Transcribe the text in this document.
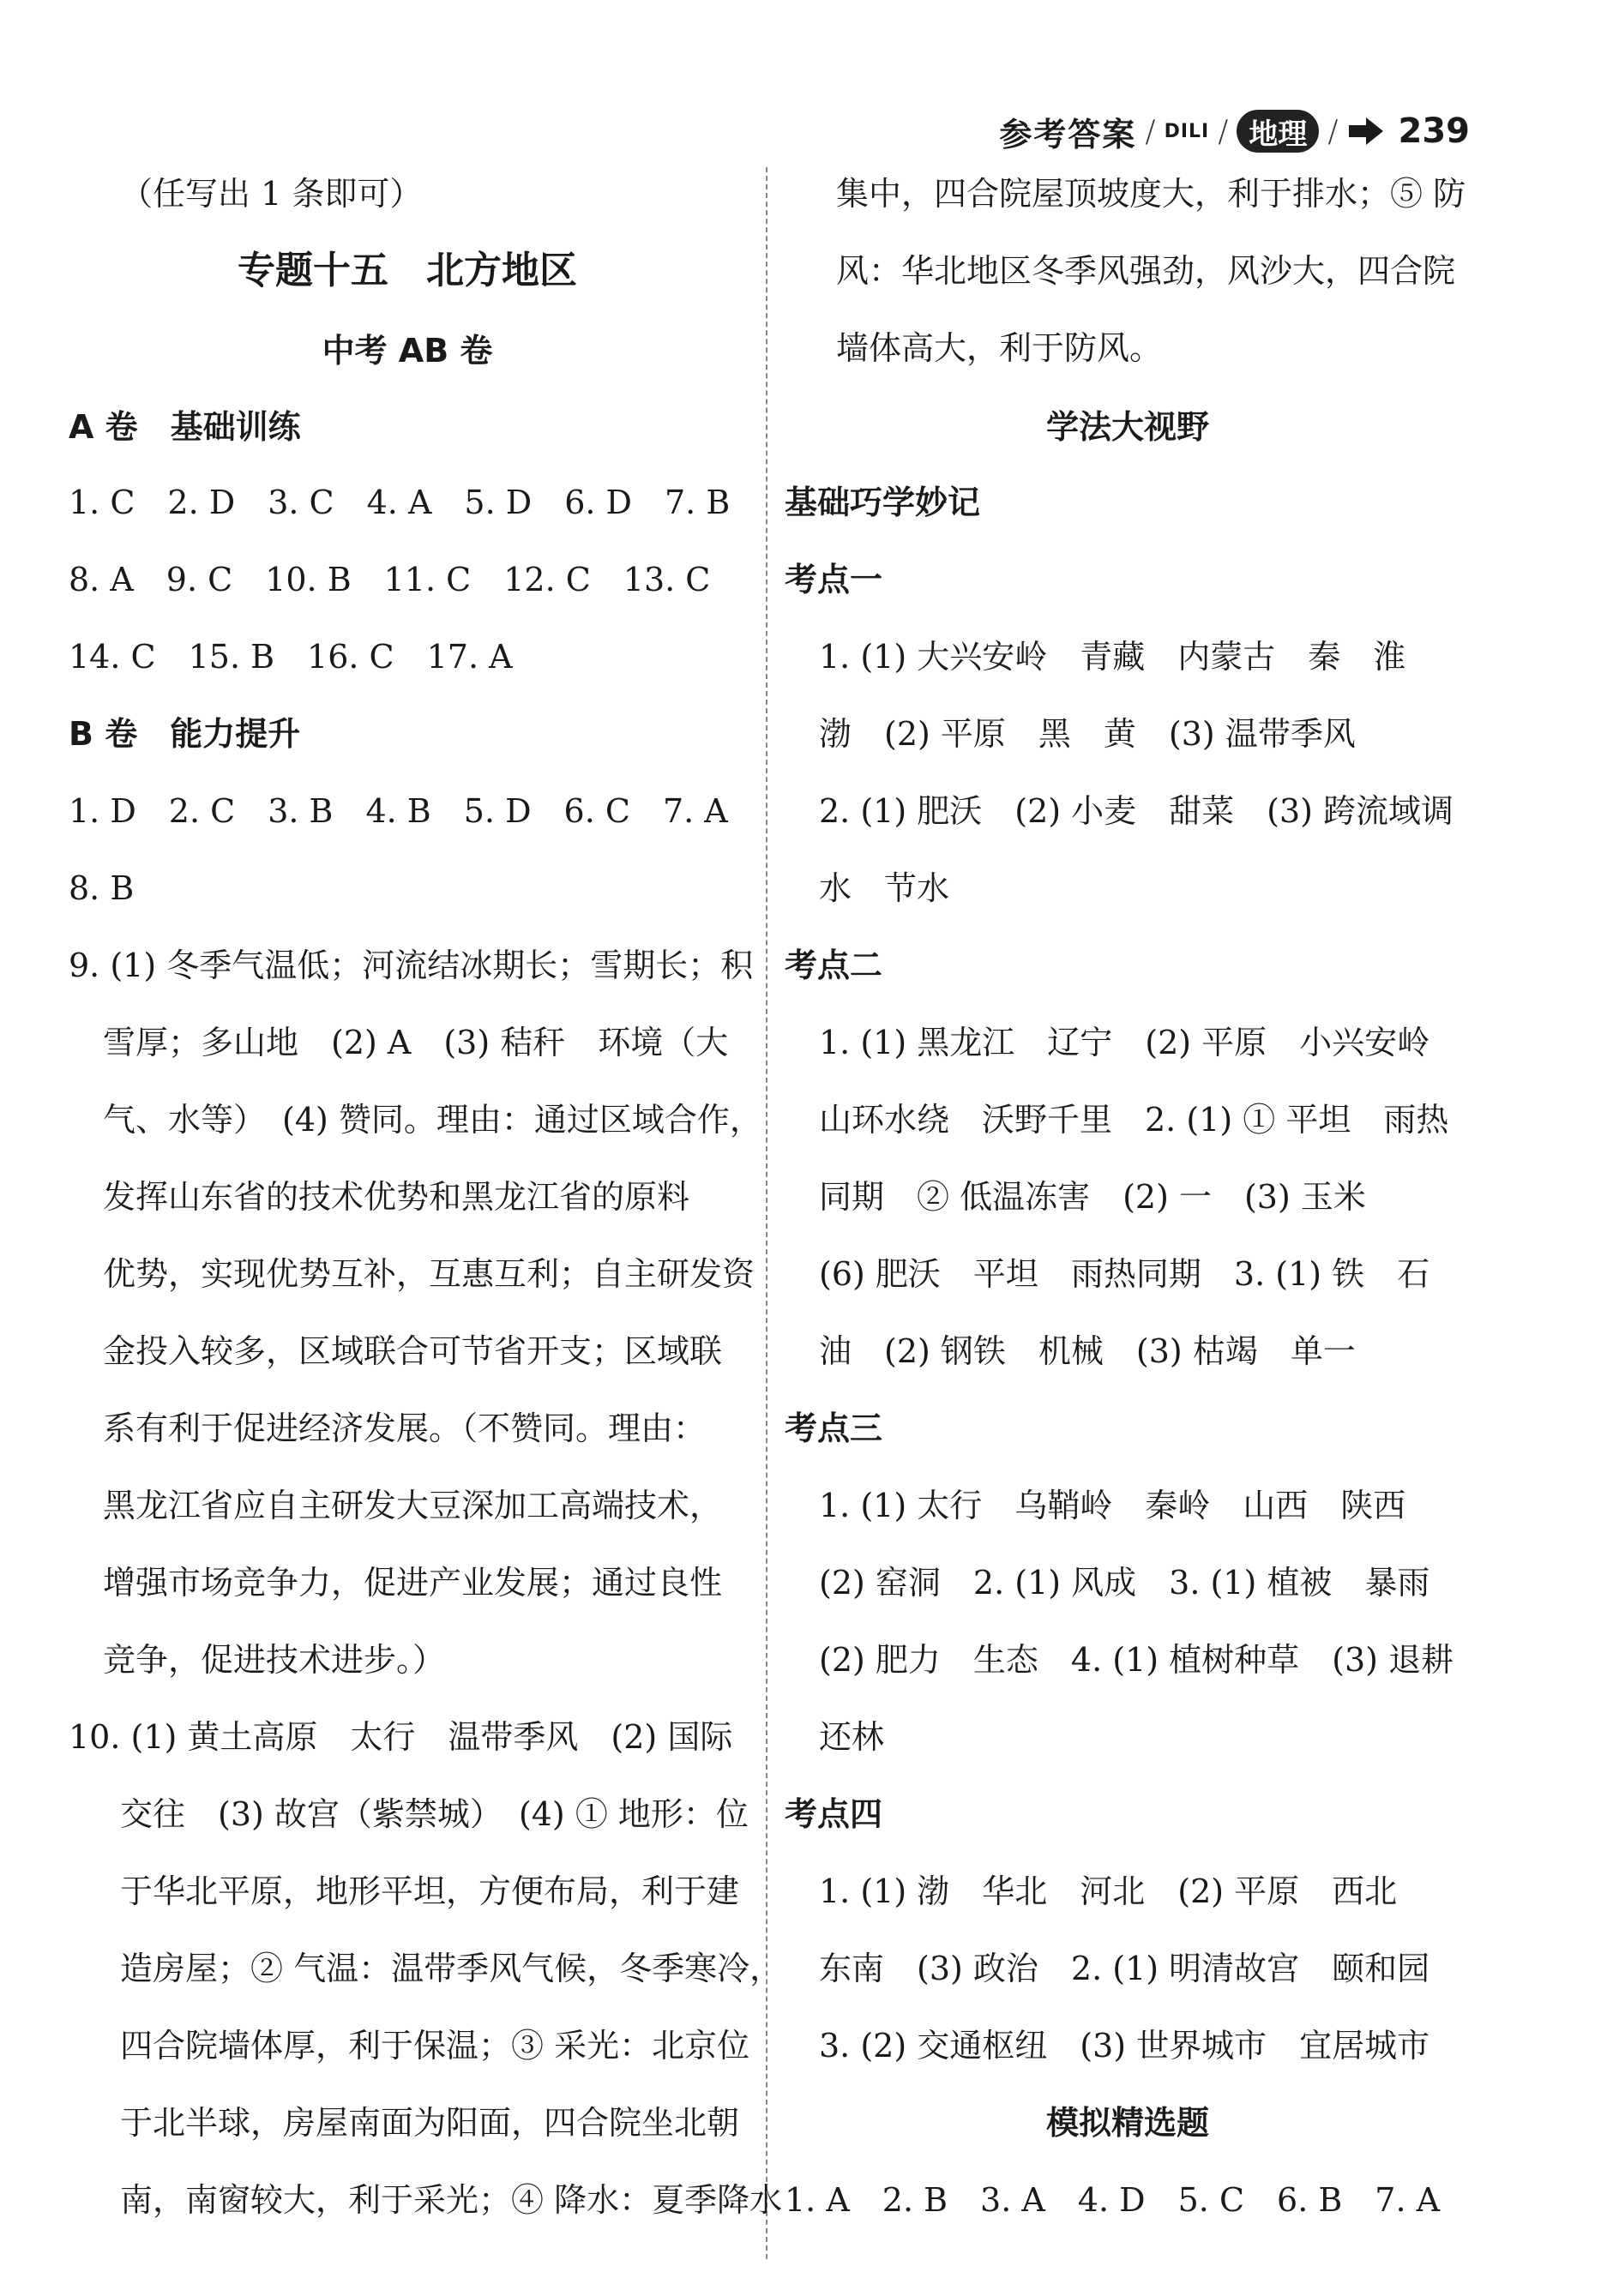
参考答案 / DILI / 地理 / 239
（任写出 1 条即可）
专题十五　北方地区
中考 AB 卷
A 卷　基础训练
1. C　2. D　3. C　4. A　5. D　6. D　7. B
8. A　9. C　10. B　11. C　12. C　13. C
14. C　15. B　16. C　17. A
B 卷　能力提升
1. D　2. C　3. B　4. B　5. D　6. C　7. A
8. B
9. (1) 冬季气温低；河流结冰期长；雪期长；积
雪厚；多山地　(2) A　(3) 秸秆　环境（大
气、水等）　(4) 赞同。理由：通过区域合作，
发挥山东省的技术优势和黑龙江省的原料
优势，实现优势互补，互惠互利；自主研发资
金投入较多，区域联合可节省开支；区域联
系有利于促进经济发展。（不赞同。理由：
黑龙江省应自主研发大豆深加工高端技术，
增强市场竞争力，促进产业发展；通过良性
竞争，促进技术进步。）
10. (1) 黄土高原　太行　温带季风　(2) 国际
交往　(3) 故宫（紫禁城）　(4) ① 地形：位
于华北平原，地形平坦，方便布局，利于建
造房屋；② 气温：温带季风气候，冬季寒冷，
四合院墙体厚，利于保温；③ 采光：北京位
于北半球，房屋南面为阳面，四合院坐北朝
南，南窗较大，利于采光；④ 降水：夏季降水
集中，四合院屋顶坡度大，利于排水；⑤ 防
风：华北地区冬季风强劲，风沙大，四合院
墙体高大，利于防风。
学法大视野
基础巧学妙记
考点一
1. (1) 大兴安岭　青藏　内蒙古　秦　淮
渤　(2) 平原　黑　黄　(3) 温带季风
2. (1) 肥沃　(2) 小麦　甜菜　(3) 跨流域调
水　节水
考点二
1. (1) 黑龙江　辽宁　(2) 平原　小兴安岭
山环水绕　沃野千里　2. (1) ① 平坦　雨热
同期　② 低温冻害　(2) 一　(3) 玉米
(6) 肥沃　平坦　雨热同期　3. (1) 铁　石
油　(2) 钢铁　机械　(3) 枯竭　单一
考点三
1. (1) 太行　乌鞘岭　秦岭　山西　陕西
(2) 窑洞　2. (1) 风成　3. (1) 植被　暴雨
(2) 肥力　生态　4. (1) 植树种草　(3) 退耕
还林
考点四
1. (1) 渤　华北　河北　(2) 平原　西北
东南　(3) 政治　2. (1) 明清故宫　颐和园
3. (2) 交通枢纽　(3) 世界城市　宜居城市
模拟精选题
1. A　2. B　3. A　4. D　5. C　6. B　7. A
